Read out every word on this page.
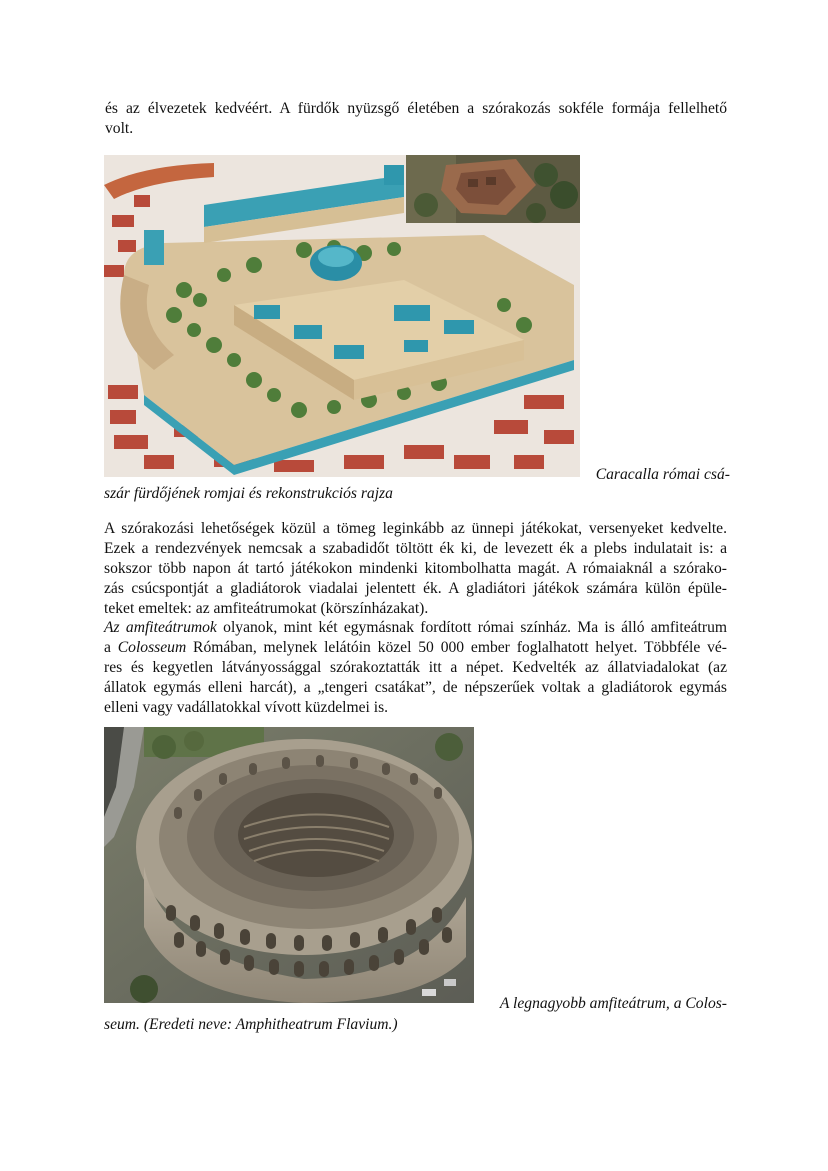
és az élvezetek kedvéért. A fürdők nyüzsgő életében a szórakozás sokféle formája fellelhető
volt.
Caracalla római csá-
szár fürdőjének romjai és rekonstrukciós rajza
A szórakozási lehetőségek közül a tömeg leginkább az ünnepi játékokat, versenyeket kedvelte.
Ezek a rendezvények nemcsak a szabadidőt töltött ék ki, de levezett ék a plebs indulatait is: a
sokszor több napon át tartó játékokon mindenki kitombolhatta magát. A rómaiaknál a szórako-
zás csúcspontját a gladiátorok viadalai jelentett ék. A gladiátori játékok számára külön épüle-
teket emeltek: az amfiteátrumokat (körszínházakat).
Az amfiteátrumok olyanok, mint két egymásnak fordított római színház. Ma is álló amfiteátrum
a Colosseum Rómában, melynek lelátóin közel 50 000 ember foglalhatott helyet. Többféle vé-
res és kegyetlen látványossággal szórakoztatták itt a népet. Kedvelték az állatviadalokat (az
állatok egymás elleni harcát), a „tengeri csatákat”, de népszerűek voltak a gladiátorok egymás
elleni vagy vadállatokkal vívott küzdelmei is.
A legnagyobb amfiteátrum, a Colos-
seum. (Eredeti neve: Amphitheatrum Flavium.)
